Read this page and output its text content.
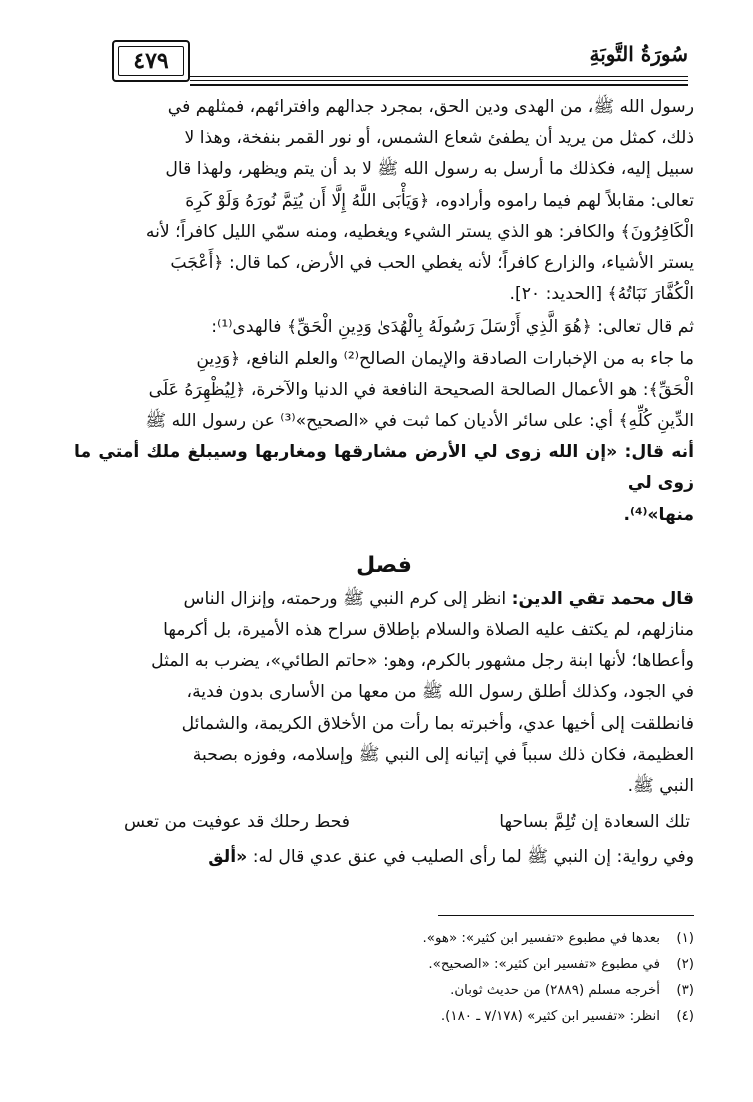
٤٧٩	سُورَةُ التَّوبَةِ
رسول الله ﷺ، من الهدى ودين الحق، بمجرد جدالهم وافترائهم، فمثلهم في
ذلك، كمثل من يريد أن يطفئ شعاع الشمس، أو نور القمر بنفخة، وهذا لا
سبيل إليه، فكذلك ما أرسل به رسول الله ﷺ لا بد أن يتم ويظهر، ولهذا قال
تعالى: مقابلاً لهم فيما راموه وأرادوه، ﴿وَيَأْبَى اللَّهُ إِلَّا أَن يُتِمَّ نُورَهُ وَلَوْ كَرِهَ
الْكَافِرُونَ﴾ والكافر: هو الذي يستر الشيء ويغطيه، ومنه سمّي الليل كافراً؛ لأنه
يستر الأشياء، والزارع كافراً؛ لأنه يغطي الحب في الأرض، كما قال: ﴿أَعْجَبَ
الْكُفَّارَ نَبَاتُهُ﴾ [الحديد: ٢٠].
ثم قال تعالى: ﴿هُوَ الَّذِي أَرْسَلَ رَسُولَهُ بِالْهُدَىٰ وَدِينِ الْحَقِّ﴾ فالهدى⁽¹⁾:
ما جاء به من الإخبارات الصادقة والإيمان الصالح⁽²⁾ والعلم النافع، ﴿وَدِينِ
الْحَقِّ﴾: هو الأعمال الصالحة الصحيحة النافعة في الدنيا والآخرة، ﴿لِيُظْهِرَهُ عَلَى
الدِّينِ كُلِّهِ﴾ أي: على سائر الأديان كما ثبت في «الصحيح»⁽³⁾ عن رسول الله ﷺ
أنه قال: «إن الله زوى لي الأرض مشارقها ومغاربها وسيبلغ ملك أمتي ما زوى لي
منها»⁽⁴⁾.
فصل
قال محمد تقي الدين: انظر إلى كرم النبي ﷺ ورحمته، وإنزال الناس
منازلهم، لم يكتف عليه الصلاة والسلام بإطلاق سراح هذه الأميرة، بل أكرمها
وأعطاها؛ لأنها ابنة رجل مشهور بالكرم، وهو: «حاتم الطائي»، يضرب به المثل
في الجود، وكذلك أطلق رسول الله ﷺ من معها من الأسارى بدون فدية،
فانطلقت إلى أخيها عدي، وأخبرته بما رأت من الأخلاق الكريمة، والشمائل
العظيمة، فكان ذلك سبباً في إتيانه إلى النبي ﷺ وإسلامه، وفوزه بصحبة
النبي ﷺ.
تلك السعادة إن تُلِمَّ بساحها
فحط رحلك قد عوفيت من تعس

وفي رواية: إن النبي ﷺ لما رأى الصليب في عنق عدي قال له: «ألق

(١)بعدها في مطبوع «تفسير ابن كثير»: «هو».

(٢)في مطبوع «تفسير ابن كثير»: «الصحيح».

(٣)أخرجه مسلم (٢٨٨٩) من حديث ثوبان.

(٤)انظر: «تفسير ابن كثير» (٧/١٧٨ ـ ١٨٠).
